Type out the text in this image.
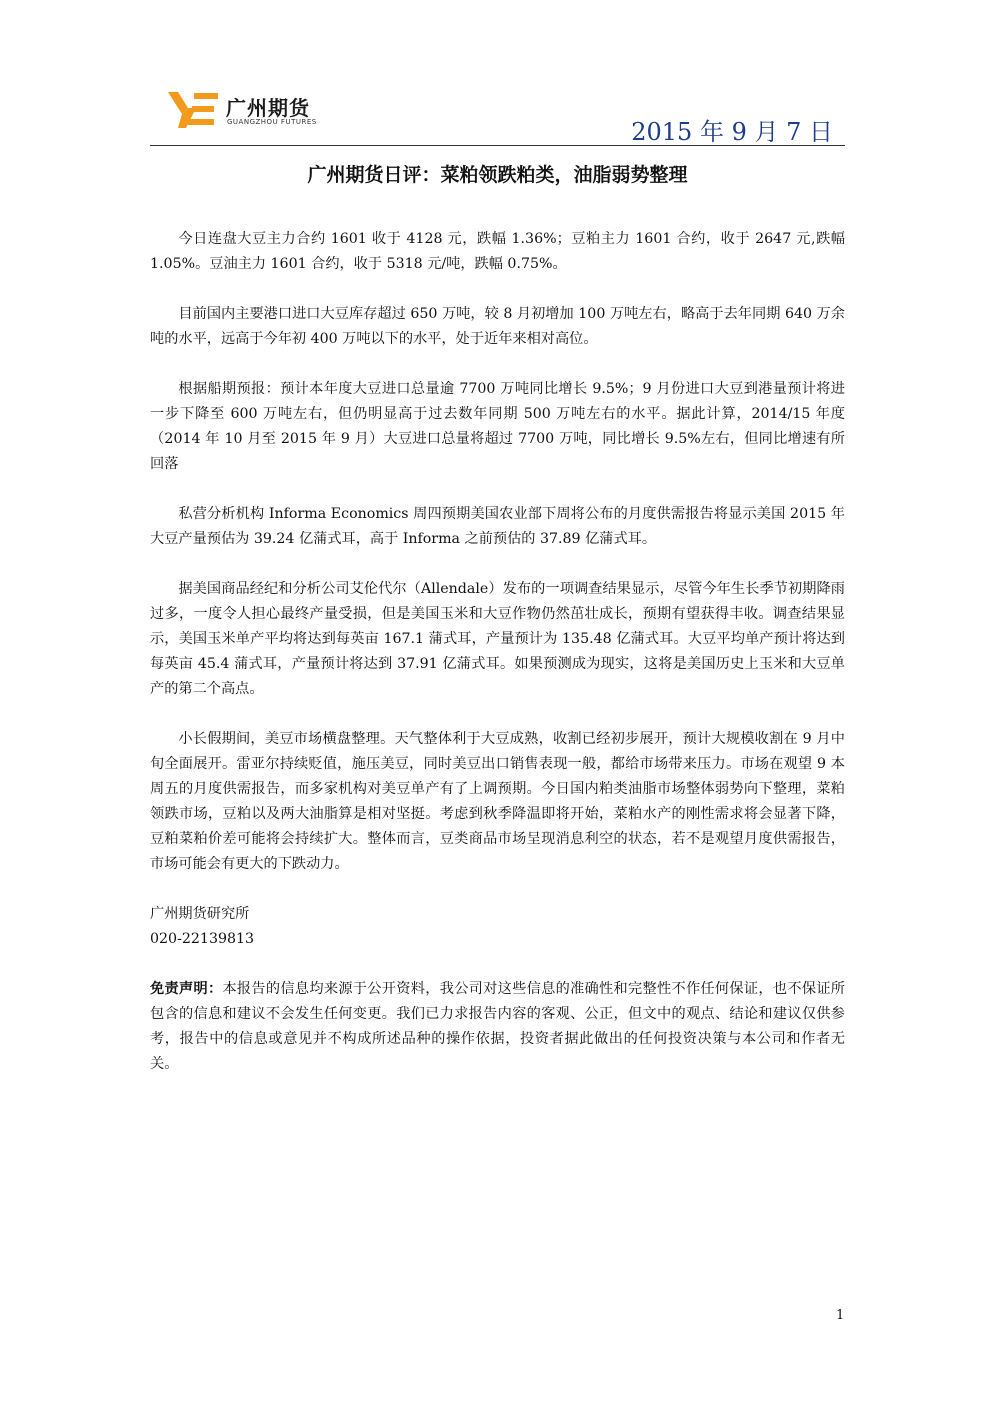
广州期货
GUANGZHOU FUTURES	2015 年 9 月 7 日
广州期货日评：菜粕领跌粕类，油脂弱势整理

今日连盘大豆主力合约 1601 收于 4128 元，跌幅 1.36%；豆粕主力 1601 合约，收于 2647 元,跌幅 1.05%。豆油主力 1601 合约，收于 5318 元/吨，跌幅 0.75%。

目前国内主要港口进口大豆库存超过 650 万吨，较 8 月初增加 100 万吨左右，略高于去年同期 640 万余吨的水平，远高于今年初 400 万吨以下的水平，处于近年来相对高位。

根据船期预报：预计本年度大豆进口总量逾 7700 万吨同比增长 9.5%；9 月份进口大豆到港量预计将进一步下降至 600 万吨左右，但仍明显高于过去数年同期 500 万吨左右的水平。据此计算，2014/15 年度（2014 年 10 月至 2015 年 9 月）大豆进口总量将超过 7700 万吨，同比增长 9.5%左右，但同比增速有所回落

私营分析机构 Informa Economics 周四预期美国农业部下周将公布的月度供需报告将显示美国 2015 年大豆产量预估为 39.24 亿蒲式耳，高于 Informa 之前预估的 37.89 亿蒲式耳。

据美国商品经纪和分析公司艾伦代尔（Allendale）发布的一项调查结果显示，尽管今年生长季节初期降雨过多，一度令人担心最终产量受损，但是美国玉米和大豆作物仍然茁壮成长，预期有望获得丰收。调查结果显示，美国玉米单产平均将达到每英亩 167.1 蒲式耳，产量预计为 135.48 亿蒲式耳。大豆平均单产预计将达到每英亩 45.4 蒲式耳，产量预计将达到 37.91 亿蒲式耳。如果预测成为现实，这将是美国历史上玉米和大豆单产的第二个高点。

小长假期间，美豆市场横盘整理。天气整体利于大豆成熟，收割已经初步展开，预计大规模收割在 9 月中旬全面展开。雷亚尔持续贬值，施压美豆，同时美豆出口销售表现一般，都给市场带来压力。市场在观望 9 本周五的月度供需报告，而多家机构对美豆单产有了上调预期。今日国内粕类油脂市场整体弱势向下整理，菜粕领跌市场，豆粕以及两大油脂算是相对坚挺。考虑到秋季降温即将开始，菜粕水产的刚性需求将会显著下降，豆粕菜粕价差可能将会持续扩大。整体而言，豆类商品市场呈现消息利空的状态，若不是观望月度供需报告，市场可能会有更大的下跌动力。

广州期货研究所
020-22139813
免责声明：本报告的信息均来源于公开资料，我公司对这些信息的准确性和完整性不作任何保证，也不保证所包含的信息和建议不会发生任何变更。我们已力求报告内容的客观、公正，但文中的观点、结论和建议仅供参考，报告中的信息或意见并不构成所述品种的操作依据，投资者据此做出的任何投资决策与本公司和作者无关。
1
